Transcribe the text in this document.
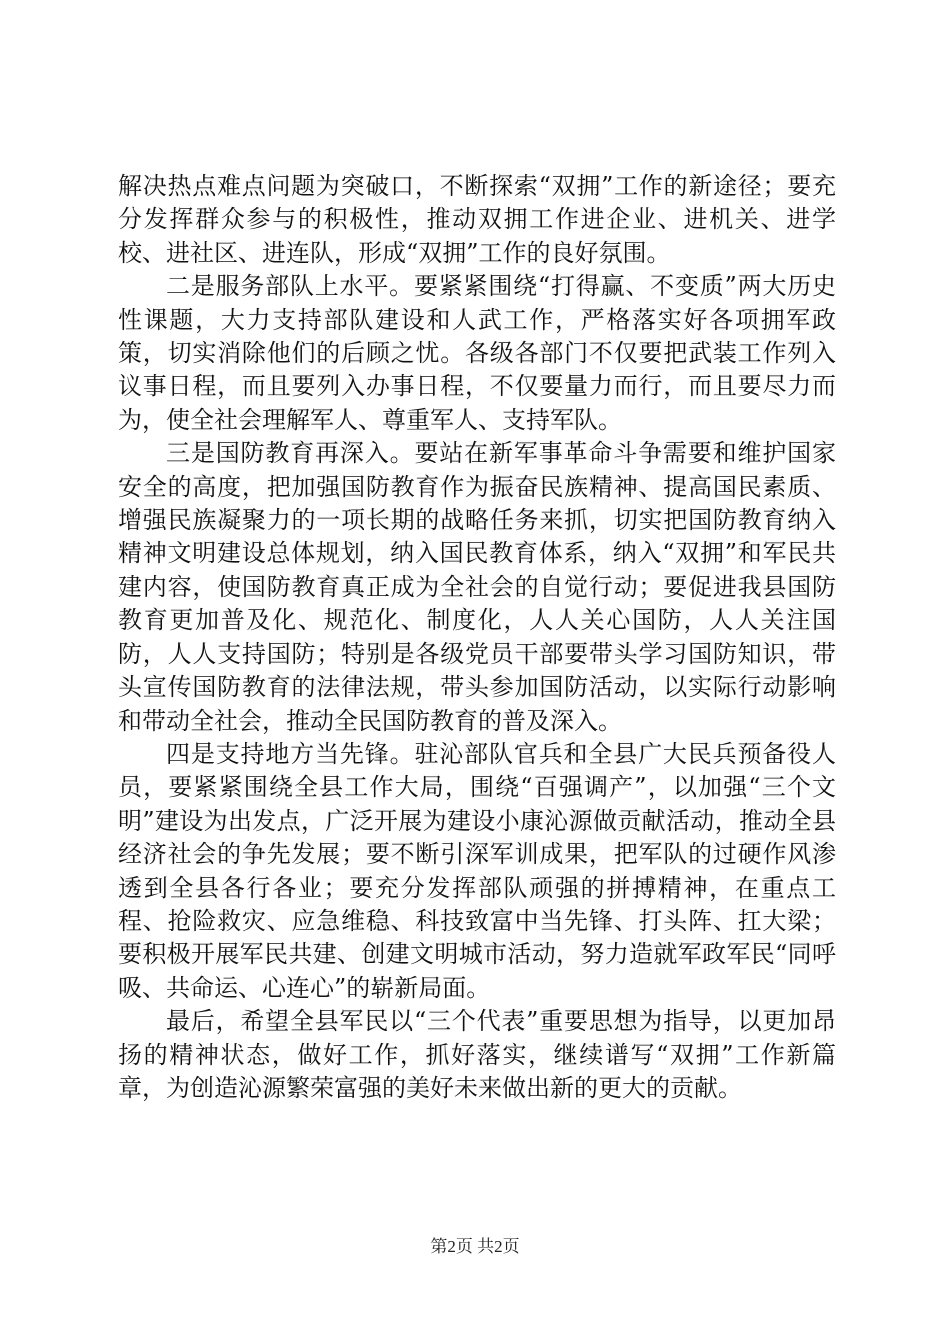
解决热点难点问题为突破口，不断探索“双拥”工作的新途径；要充分发挥群众参与的积极性，推动双拥工作进企业、进机关、进学校、进社区、进连队，形成“双拥”工作的良好氛围。

二是服务部队上水平。要紧紧围绕“打得赢、不变质”两大历史性课题，大力支持部队建设和人武工作，严格落实好各项拥军政策，切实消除他们的后顾之忧。各级各部门不仅要把武装工作列入议事日程，而且要列入办事日程，不仅要量力而行，而且要尽力而为，使全社会理解军人、尊重军人、支持军队。

三是国防教育再深入。要站在新军事革命斗争需要和维护国家安全的高度，把加强国防教育作为振奋民族精神、提高国民素质、增强民族凝聚力的一项长期的战略任务来抓，切实把国防教育纳入精神文明建设总体规划，纳入国民教育体系，纳入“双拥”和军民共建内容，使国防教育真正成为全社会的自觉行动；要促进我县国防教育更加普及化、规范化、制度化，人人关心国防，人人关注国防，人人支持国防；特别是各级党员干部要带头学习国防知识，带头宣传国防教育的法律法规，带头参加国防活动，以实际行动影响和带动全社会，推动全民国防教育的普及深入。

四是支持地方当先锋。驻沁部队官兵和全县广大民兵预备役人员，要紧紧围绕全县工作大局，围绕“百强调产”，以加强“三个文明”建设为出发点，广泛开展为建设小康沁源做贡献活动，推动全县经济社会的争先发展；要不断引深军训成果，把军队的过硬作风渗透到全县各行各业；要充分发挥部队顽强的拼搏精神，在重点工程、抢险救灾、应急维稳、科技致富中当先锋、打头阵、扛大梁；要积极开展军民共建、创建文明城市活动，努力造就军政军民“同呼吸、共命运、心连心”的崭新局面。

最后，希望全县军民以“三个代表”重要思想为指导，以更加昂扬的精神状态，做好工作，抓好落实，继续谱写“双拥”工作新篇章，为创造沁源繁荣富强的美好未来做出新的更大的贡献。

第2页 共2页
